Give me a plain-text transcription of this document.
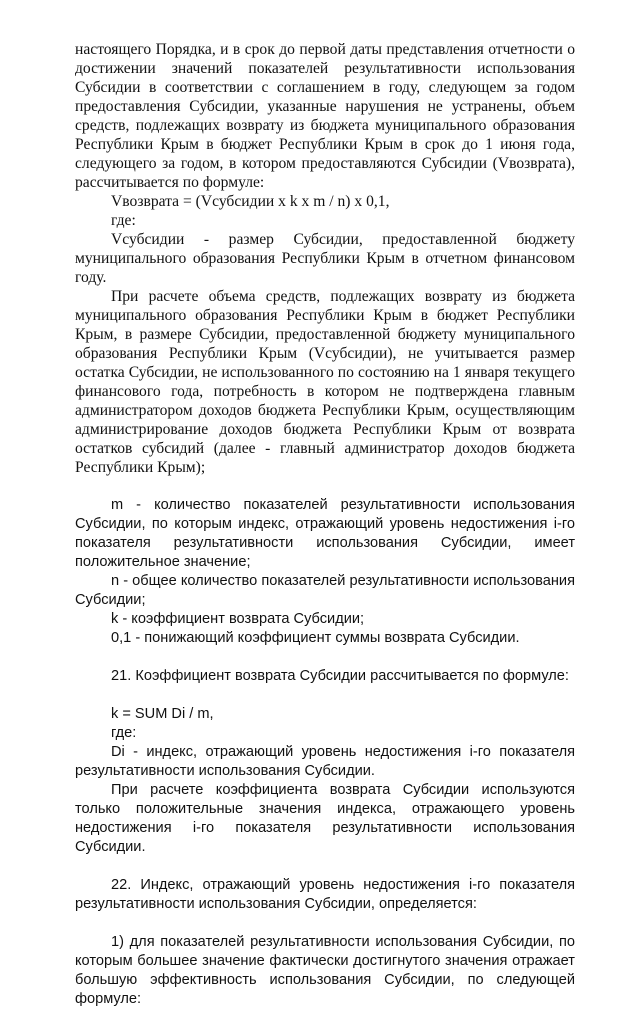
настоящего Порядка, и в срок до первой даты представления отчетности о достижении значений показателей результативности использования Субсидии в соответствии с соглашением в году, следующем за годом предоставления Субсидии, указанные нарушения не устранены, объем средств, подлежащих возврату из бюджета муниципального образования Республики Крым в бюджет Республики Крым в срок до 1 июня года, следующего за годом, в котором предоставляются Субсидии (Vвозврата), рассчитывается по формуле:

Vвозврата = (Vсубсидии x k x m / n) x 0,1,

где:

Vсубсидии - размер Субсидии, предоставленной бюджету муниципального образования Республики Крым в отчетном финансовом году.

При расчете объема средств, подлежащих возврату из бюджета муниципального образования Республики Крым в бюджет Республики Крым, в размере Субсидии, предоставленной бюджету муниципального образования Республики Крым (Vсубсидии), не учитывается размер остатка Субсидии, не использованного по состоянию на 1 января текущего финансового года, потребность в котором не подтверждена главным администратором доходов бюджета Республики Крым, осуществляющим администрирование доходов бюджета Республики Крым от возврата остатков субсидий (далее - главный администратор доходов бюджета Республики Крым);

m - количество показателей результативности использования Субсидии, по которым индекс, отражающий уровень недостижения i-го показателя результативности использования Субсидии, имеет положительное значение;

n - общее количество показателей результативности использования Субсидии;

k - коэффициент возврата Субсидии;

0,1 - понижающий коэффициент суммы возврата Субсидии.

21. Коэффициент возврата Субсидии рассчитывается по формуле:

k = SUM Di / m,

где:

Di - индекс, отражающий уровень недостижения i-го показателя результативности использования Субсидии.

При расчете коэффициента возврата Субсидии используются только положительные значения индекса, отражающего уровень недостижения i-го показателя результативности использования Субсидии.

22. Индекс, отражающий уровень недостижения i-го показателя результативности использования Субсидии, определяется:

1) для показателей результативности использования Субсидии, по которым большее значение фактически достигнутого значения отражает большую эффективность использования Субсидии, по следующей формуле:
